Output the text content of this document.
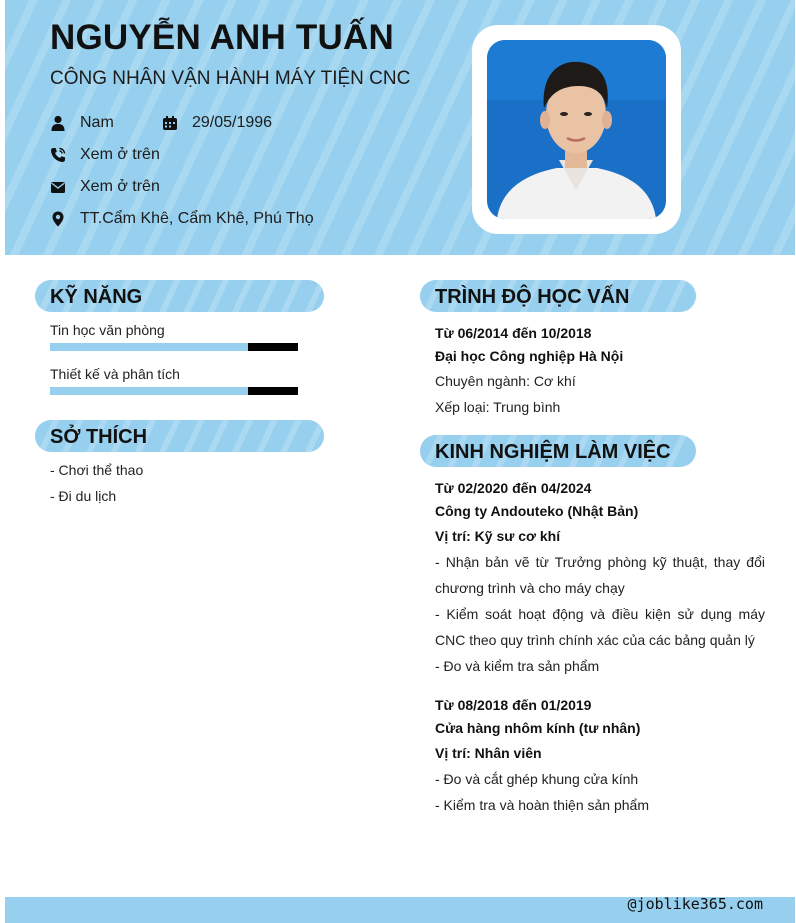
NGUYỄN ANH TUẤN
CÔNG NHÂN VẬN HÀNH MÁY TIỆN CNC
Nam	29/05/1996
Xem ở trên
Xem ở trên
TT.Cẩm Khê, Cẩm Khê, Phú Thọ
KỸ NĂNG
Tin học văn phòng
Thiết kế và phân tích
SỞ THÍCH
- Chơi thể thao
- Đi du lịch
TRÌNH ĐỘ HỌC VẤN
Từ 06/2014 đến 10/2018
Đại học Công nghiệp Hà Nội
Chuyên ngành: Cơ khí
Xếp loại: Trung bình
KINH NGHIỆM LÀM VIỆC
Từ 02/2020 đến 04/2024
Công ty Andouteko (Nhật Bản)
Vị trí: Kỹ sư cơ khí
- Nhận bản vẽ từ Trưởng phòng kỹ thuật, thay đổi chương trình và cho máy chạy
- Kiểm soát hoạt động và điều kiện sử dụng máy CNC theo quy trình chính xác của các bảng quản lý
- Đo và kiểm tra sản phẩm
Từ 08/2018 đến 01/2019
Cửa hàng nhôm kính (tư nhân)
Vị trí: Nhân viên
- Đo và cắt ghép khung cửa kính
- Kiểm tra và hoàn thiện sản phẩm
@joblike365.com
